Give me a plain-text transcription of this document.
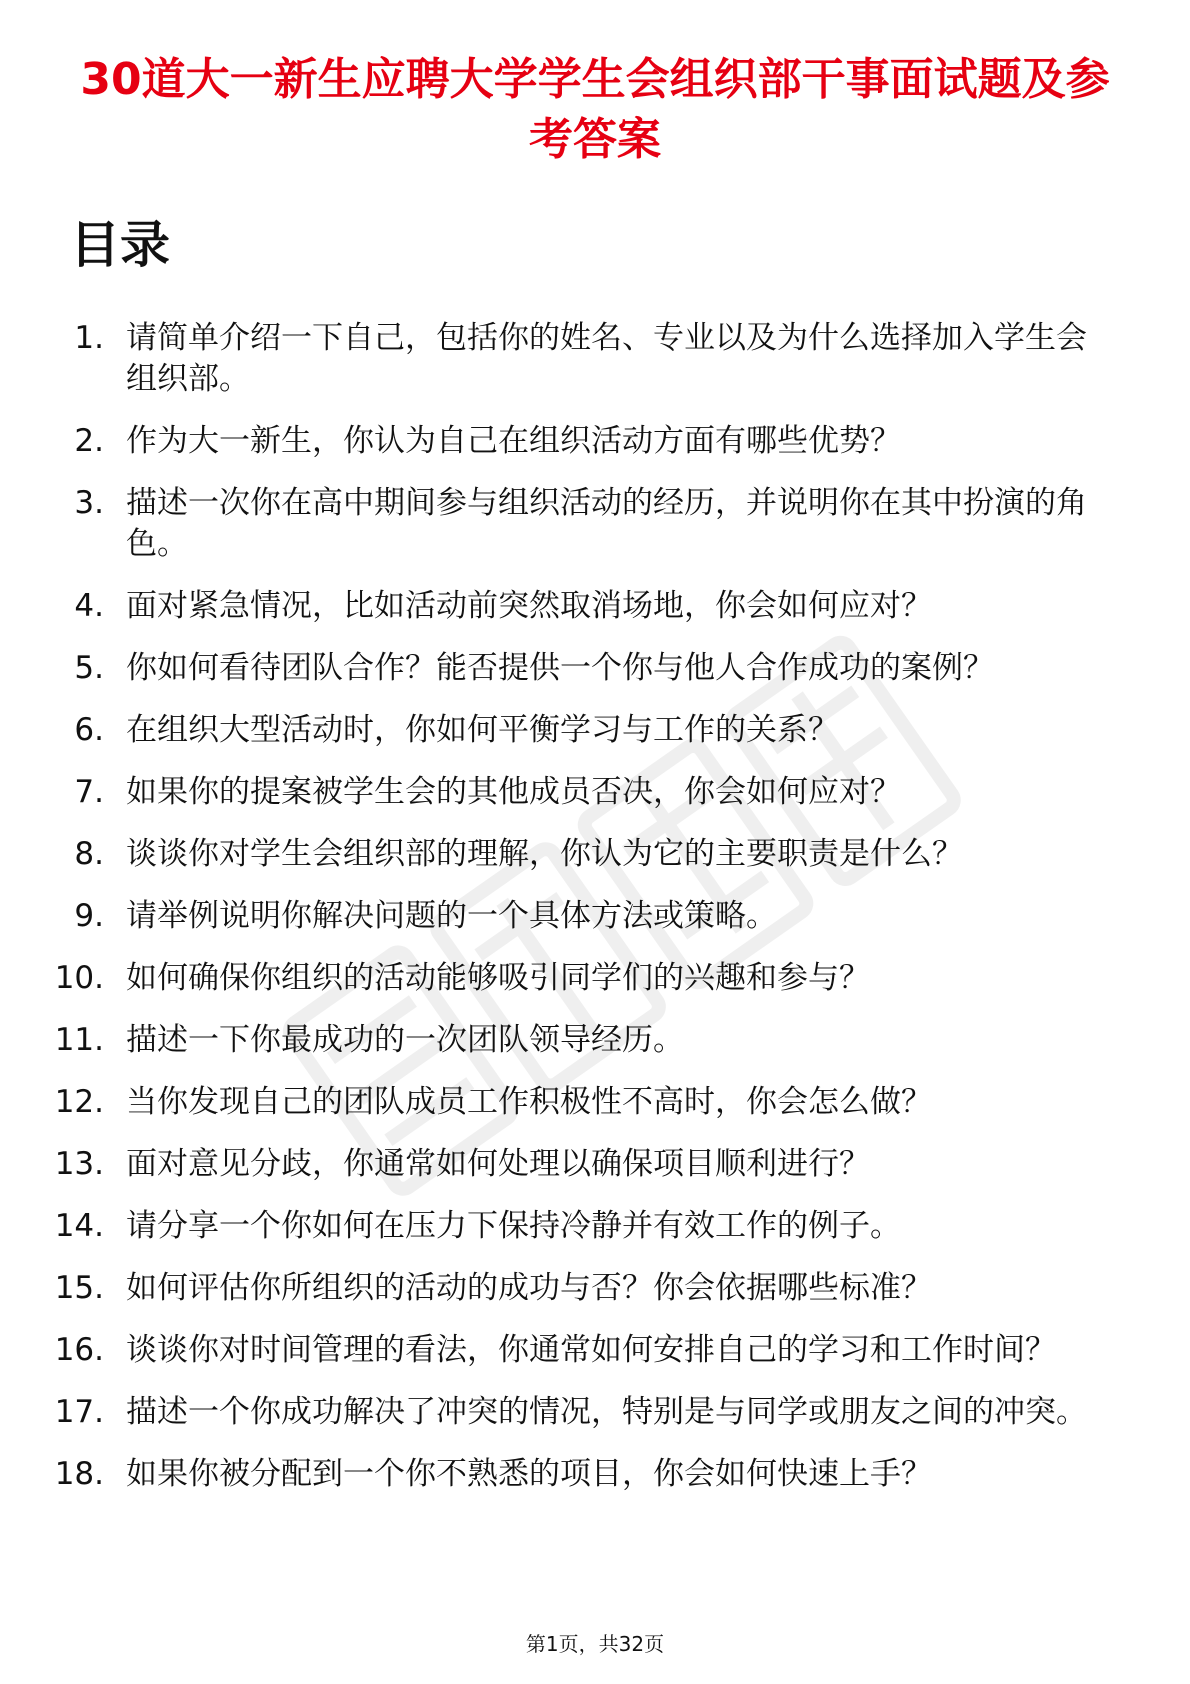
30道大一新生应聘大学学生会组织部干事面试题及参考答案
目录
1. 请简单介绍一下自己，包括你的姓名、专业以及为什么选择加入学生会组织部。
2. 作为大一新生，你认为自己在组织活动方面有哪些优势？
3. 描述一次你在高中期间参与组织活动的经历，并说明你在其中扮演的角色。
4. 面对紧急情况，比如活动前突然取消场地，你会如何应对？
5. 你如何看待团队合作？能否提供一个你与他人合作成功的案例？
6. 在组织大型活动时，你如何平衡学习与工作的关系？
7. 如果你的提案被学生会的其他成员否决，你会如何应对？
8. 谈谈你对学生会组织部的理解，你认为它的主要职责是什么？
9. 请举例说明你解决问题的一个具体方法或策略。
10. 如何确保你组织的活动能够吸引同学们的兴趣和参与？
11. 描述一下你最成功的一次团队领导经历。
12. 当你发现自己的团队成员工作积极性不高时，你会怎么做？
13. 面对意见分歧，你通常如何处理以确保项目顺利进行？
14. 请分享一个你如何在压力下保持冷静并有效工作的例子。
15. 如何评估你所组织的活动的成功与否？你会依据哪些标准？
16. 谈谈你对时间管理的看法，你通常如何安排自己的学习和工作时间？
17. 描述一个你成功解决了冲突的情况，特别是与同学或朋友之间的冲突。
18. 如果你被分配到一个你不熟悉的项目，你会如何快速上手？

第1页，共32页
